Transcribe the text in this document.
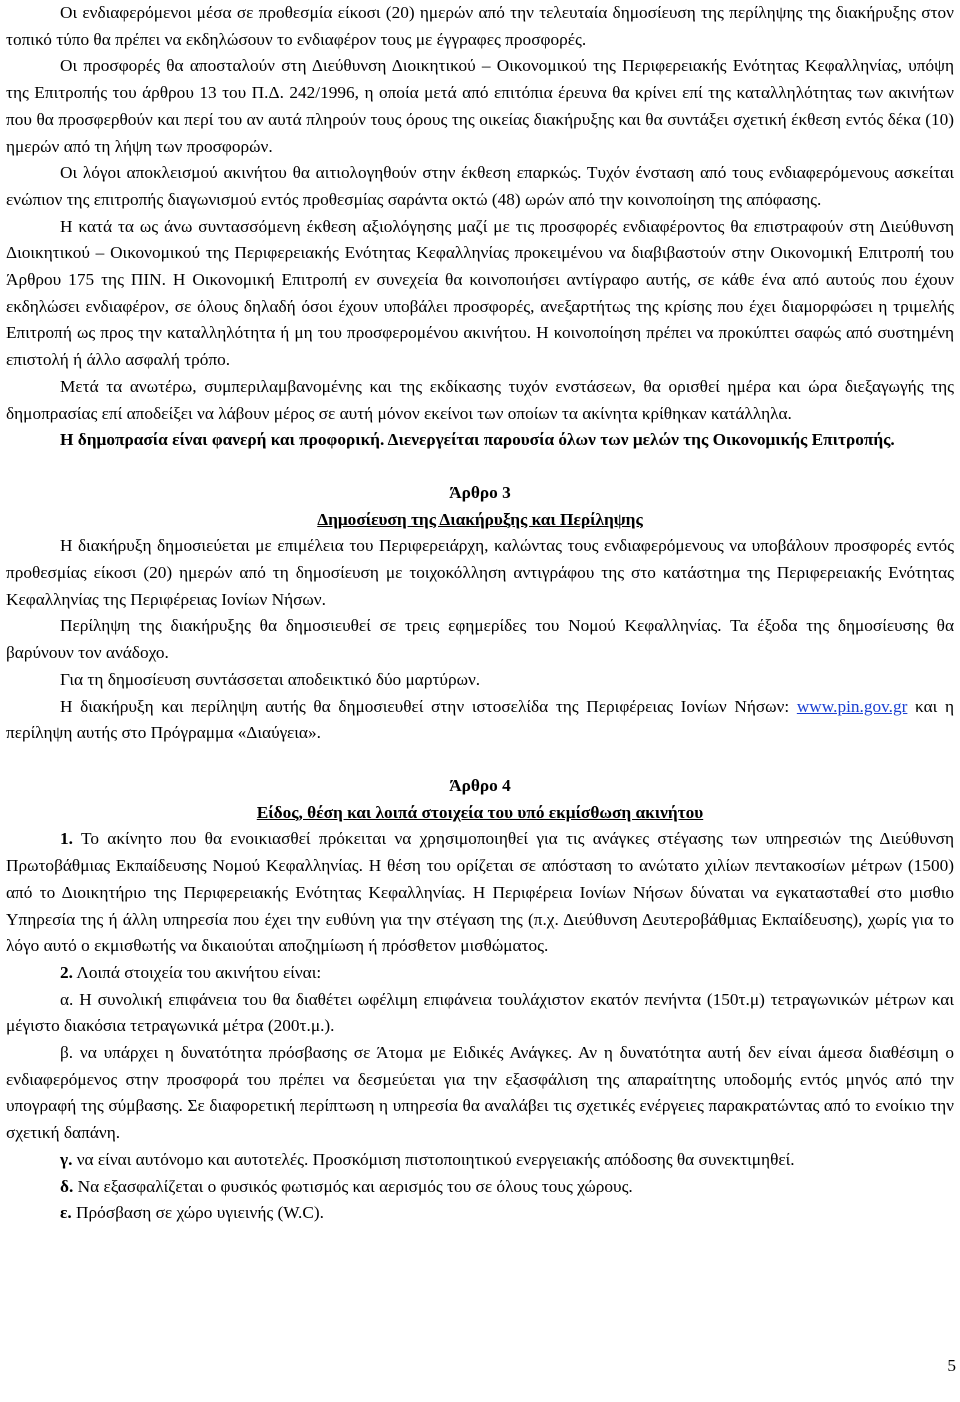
Οι ενδιαφερόμενοι μέσα σε προθεσμία είκοσι (20) ημερών από την τελευταία δημοσίευση της περίληψης της διακήρυξης στον τοπικό τύπο θα πρέπει να εκδηλώσουν το ενδιαφέρον τους με έγγραφες προσφορές.

Οι προσφορές θα αποσταλούν στη Διεύθυνση Διοικητικού – Οικονομικού της Περιφερειακής Ενότητας Κεφαλληνίας, υπόψη της Επιτροπής του άρθρου 13 του Π.Δ. 242/1996, η οποία μετά από επιτόπια έρευνα θα κρίνει επί της καταλληλότητας των ακινήτων που θα προσφερθούν και περί του αν αυτά πληρούν τους όρους της οικείας διακήρυξης και θα συντάξει σχετική έκθεση εντός δέκα (10) ημερών από τη λήψη των προσφορών.

Οι λόγοι αποκλεισμού ακινήτου θα αιτιολογηθούν στην έκθεση επαρκώς. Τυχόν ένσταση από τους ενδιαφερόμενους ασκείται ενώπιον της επιτροπής διαγωνισμού εντός προθεσμίας σαράντα οκτώ (48) ωρών από την κοινοποίηση της απόφασης.

Η κατά τα ως άνω συντασσόμενη έκθεση αξιολόγησης μαζί με τις προσφορές ενδιαφέροντος θα επιστραφούν στη Διεύθυνση Διοικητικού – Οικονομικού της Περιφερειακής Ενότητας Κεφαλληνίας προκειμένου να διαβιβαστούν στην Οικονομική Επιτροπή του Άρθρου 175 της ΠΙΝ. Η Οικονομική Επιτροπή εν συνεχεία θα κοινοποιήσει αντίγραφο αυτής, σε κάθε ένα από αυτούς που έχουν εκδηλώσει ενδιαφέρον, σε όλους δηλαδή όσοι έχουν υποβάλει προσφορές, ανεξαρτήτως της κρίσης που έχει διαμορφώσει η τριμελής Επιτροπή ως προς την καταλληλότητα ή μη του προσφερομένου ακινήτου. Η κοινοποίηση πρέπει να προκύπτει σαφώς από συστημένη επιστολή ή άλλο ασφαλή τρόπο.

Μετά τα ανωτέρω, συμπεριλαμβανομένης και της εκδίκασης τυχόν ενστάσεων, θα ορισθεί ημέρα και ώρα διεξαγωγής της δημοπρασίας επί αποδείξει να λάβουν μέρος σε αυτή μόνον εκείνοι των οποίων τα ακίνητα κρίθηκαν κατάλληλα.

Η δημοπρασία είναι φανερή και προφορική. Διενεργείται παρουσία όλων των μελών της Οικονομικής Επιτροπής.

Άρθρο 3

Δημοσίευση της Διακήρυξης και Περίληψης

Η διακήρυξη δημοσιεύεται με επιμέλεια του Περιφερειάρχη, καλώντας τους ενδιαφερόμενους να υποβάλουν προσφορές εντός προθεσμίας είκοσι (20) ημερών από τη δημοσίευση με τοιχοκόλληση αντιγράφου της στο κατάστημα της Περιφερειακής Ενότητας Κεφαλληνίας της Περιφέρειας Ιονίων Νήσων.

Περίληψη της διακήρυξης θα δημοσιευθεί σε τρεις εφημερίδες του Νομού Κεφαλληνίας. Τα έξοδα της δημοσίευσης θα βαρύνουν τον ανάδοχο.

Για τη δημοσίευση συντάσσεται αποδεικτικό δύο μαρτύρων.

Η διακήρυξη και περίληψη αυτής θα δημοσιευθεί στην ιστοσελίδα της Περιφέρειας Ιονίων Νήσων: www.pin.gov.gr και η περίληψη αυτής στο Πρόγραμμα «Διαύγεια».

Άρθρο 4

Είδος, θέση και λοιπά στοιχεία του υπό εκμίσθωση ακινήτου

1. Το ακίνητο που θα ενοικιασθεί πρόκειται να χρησιμοποιηθεί για τις ανάγκες στέγασης των υπηρεσιών της Διεύθυνση Πρωτοβάθμιας Εκπαίδευσης Νομού Κεφαλληνίας. Η θέση του ορίζεται σε απόσταση το ανώτατο χιλίων πεντακοσίων μέτρων (1500) από το Διοικητήριο της Περιφερειακής Ενότητας Κεφαλληνίας. Η Περιφέρεια Ιονίων Νήσων δύναται να εγκατασταθεί στο μισθιο Υπηρεσία της ή άλλη υπηρεσία που έχει την ευθύνη για την στέγαση της (π.χ. Διεύθυνση Δευτεροβάθμιας Εκπαίδευσης), χωρίς για το λόγο αυτό ο εκμισθωτής να δικαιούται αποζημίωση ή πρόσθετον μισθώματος.

2. Λοιπά στοιχεία του ακινήτου είναι:

α. Η συνολική επιφάνεια του θα διαθέτει ωφέλιμη επιφάνεια τουλάχιστον εκατόν πενήντα (150τ.μ) τετραγωνικών μέτρων και μέγιστο διακόσια τετραγωνικά μέτρα (200τ.μ.).

β. να υπάρχει η δυνατότητα πρόσβασης σε Άτομα με Ειδικές Ανάγκες. Αν η δυνατότητα αυτή δεν είναι άμεσα διαθέσιμη ο ενδιαφερόμενος στην προσφορά του πρέπει να δεσμεύεται για την εξασφάλιση της απαραίτητης υποδομής εντός μηνός από την υπογραφή της σύμβασης. Σε διαφορετική περίπτωση η υπηρεσία θα αναλάβει τις σχετικές ενέργειες παρακρατώντας από το ενοίκιο την σχετική δαπάνη.

γ. να είναι αυτόνομο και αυτοτελές. Προσκόμιση πιστοποιητικού ενεργειακής απόδοσης θα συνεκτιμηθεί.

δ. Να εξασφαλίζεται ο φυσικός φωτισμός και αερισμός του σε όλους τους χώρους.

ε. Πρόσβαση σε χώρο υγιεινής (W.C).

5
